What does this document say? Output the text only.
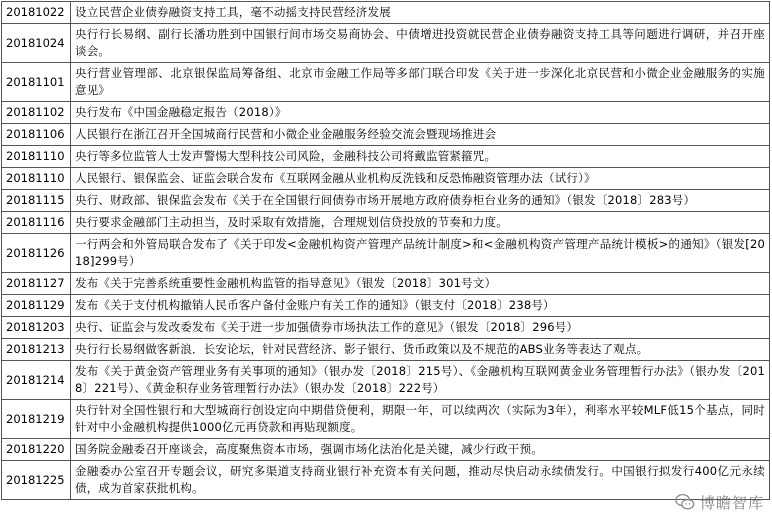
20181022	设立民营企业债券融资支持工具，毫不动摇支持民营经济发展
20181024	央行行长易纲、副行长潘功胜到中国银行间市场交易商协会、中债增进投资就民营企业债券融资支持工具等问题进行调研，并召开座谈会。
20181101	央行营业管理部、北京银保监局筹备组、北京市金融工作局等多部门联合印发《关于进一步深化北京民营和小微企业金融服务的实施意见》
20181102	央行发布《中国金融稳定报告（2018）》
20181106	人民银行在浙江召开全国城商行民营和小微企业金融服务经验交流会暨现场推进会
20181110	央行等多位监管人士发声警惕大型科技公司风险，金融科技公司将戴监管紧箍咒。
20181110	人民银行、银保监会、证监会联合发布《互联网金融从业机构反洗钱和反恐怖融资管理办法（试行）》
20181115	央行、财政部、银保监会发布《关于在全国银行间债券市场开展地方政府债券柜台业务的通知》（银发〔2018〕283号）
20181116	央行要求金融部门主动担当，及时采取有效措施，合理规划信贷投放的节奏和力度。
20181126	一行两会和外管局联合发布了《关于印发<金融机构资产管理产品统计制度>和<金融机构资产管理产品统计模板>的通知》（银发[2018]299号）
20181127	发布《关于完善系统重要性金融机构监管的指导意见》（银发〔2018〕301号文）
20181129	发布《关于支付机构撤销人民币客户备付金账户有关工作的通知》（银支付〔2018〕238号）
20181203	央行、证监会与发改委发布《关于进一步加强债券市场执法工作的意见》（银发〔2018〕296号）
20181213	央行行长易纲做客新浪．长安论坛，针对民营经济、影子银行、货币政策以及不规范的ABS业务等表达了观点。
20181214	发布《关于黄金资产管理业务有关事项的通知》（银办发〔2018〕215号）、《金融机构互联网黄金业务管理暂行办法》（银办发〔2018〕221号）、《黄金积存业务管理暂行办法》（银办发〔2018〕222号）
20181219	央行针对全国性银行和大型城商行创设定向中期借贷便利，期限一年，可以续两次（实际为3年），利率水平较MLF低15个基点，同时针对中小金融机构提供1000亿元再贷款和再贴现额度。
20181220	国务院金融委召开座谈会，高度聚焦资本市场，强调市场化法治化是关键，减少行政干预。
20181225	金融委办公室召开专题会议，研究多渠道支持商业银行补充资本有关问题，推动尽快启动永续债发行。中国银行拟发行400亿元永续债，成为首家获批机构。
博瞻智库
